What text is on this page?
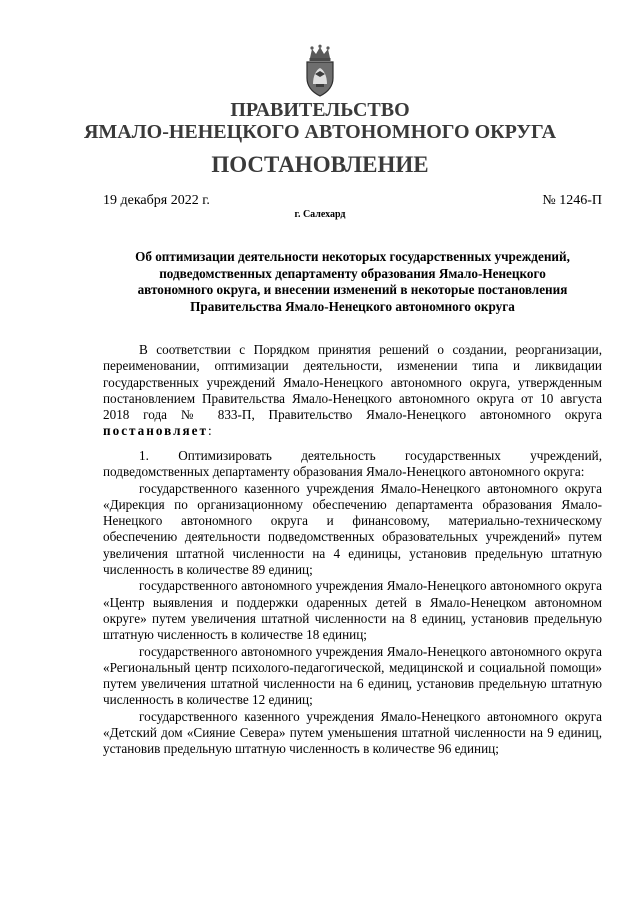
ПРАВИТЕЛЬСТВО
ЯМАЛО-НЕНЕЦКОГО АВТОНОМНОГО ОКРУГА
ПОСТАНОВЛЕНИЕ
19 декабря 2022 г.	№ 1246-П
г. Салехард
Об оптимизации деятельности некоторых государственных учреждений,
подведомственных департаменту образования Ямало-Ненецкого
автономного округа, и внесении изменений в некоторые постановления
Правительства Ямало-Ненецкого автономного округа

В соответствии с Порядком принятия решений о создании, реорганизации, переименовании, оптимизации деятельности, изменении типа и ликвидации государственных учреждений Ямало-Ненецкого автономного округа, утвержденным постановлением Правительства Ямало-Ненецкого автономного округа от 10 августа 2018 года № 833-П, Правительство Ямало-Ненецкого автономного округа постановляет:

1. Оптимизировать деятельность государственных учреждений, подведомственных департаменту образования Ямало-Ненецкого автономного округа:

государственного казенного учреждения Ямало-Ненецкого автономного округа «Дирекция по организационному обеспечению департамента образования Ямало-Ненецкого автономного округа и финансовому, материально-техническому обеспечению деятельности подведомственных образовательных учреждений» путем увеличения штатной численности на 4 единицы, установив предельную штатную численность в количестве 89 единиц;

государственного автономного учреждения Ямало-Ненецкого автономного округа «Центр выявления и поддержки одаренных детей в Ямало-Ненецком автономном округе» путем увеличения штатной численности на 8 единиц, установив предельную штатную численность в количестве 18 единиц;

государственного автономного учреждения Ямало-Ненецкого автономного округа «Региональный центр психолого-педагогической, медицинской и социальной помощи» путем увеличения штатной численности на 6 единиц, установив предельную штатную численность в количестве 12 единиц;

государственного казенного учреждения Ямало-Ненецкого автономного округа «Детский дом «Сияние Севера» путем уменьшения штатной численности на 9 единиц, установив предельную штатную численность в количестве 96 единиц;
